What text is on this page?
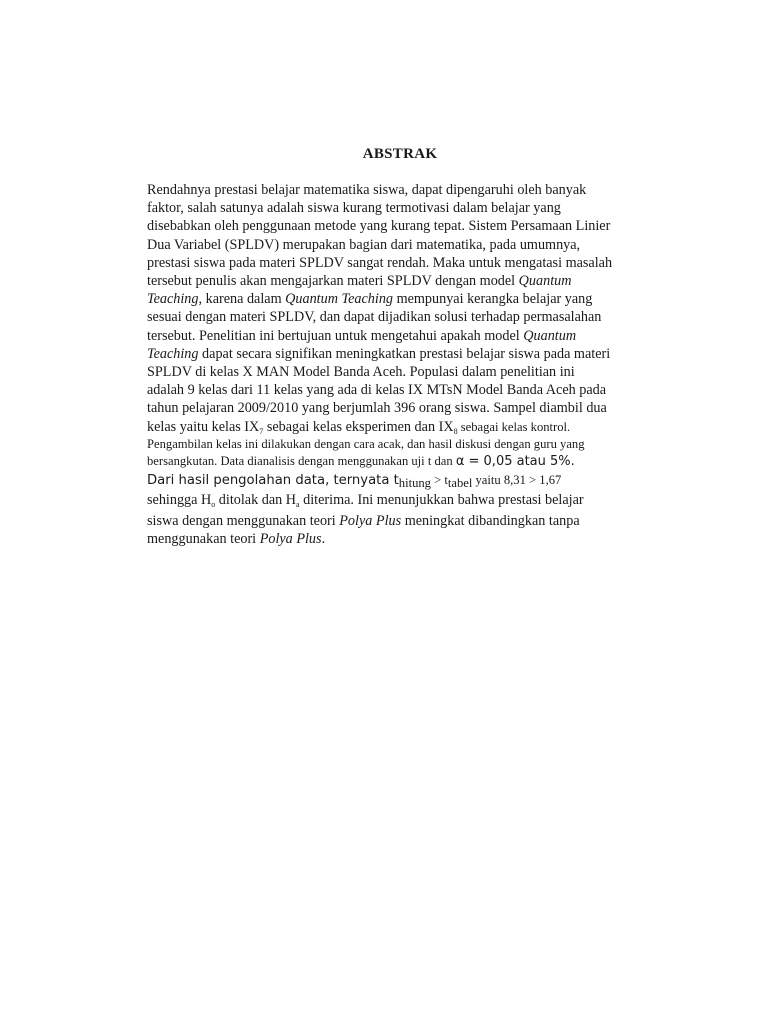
ABSTRAK
Rendahnya prestasi belajar matematika siswa, dapat dipengaruhi oleh banyak
faktor, salah satunya adalah siswa kurang termotivasi dalam belajar yang
disebabkan oleh penggunaan metode yang kurang tepat. Sistem Persamaan Linier
Dua Variabel (SPLDV) merupakan bagian dari matematika, pada umumnya,
prestasi siswa pada materi SPLDV sangat rendah. Maka untuk mengatasi masalah
tersebut penulis akan mengajarkan materi SPLDV dengan model Quantum
Teaching, karena dalam Quantum Teaching mempunyai kerangka belajar yang
sesuai dengan materi SPLDV, dan dapat dijadikan solusi terhadap permasalahan
tersebut. Penelitian ini bertujuan untuk mengetahui apakah model Quantum
Teaching dapat secara signifikan meningkatkan prestasi belajar siswa pada materi
SPLDV di kelas X MAN Model Banda Aceh. Populasi dalam penelitian ini
adalah 9 kelas dari 11 kelas yang ada di kelas IX MTsN Model Banda Aceh pada
tahun pelajaran 2009/2010 yang berjumlah 396 orang siswa. Sampel diambil dua
kelas yaitu kelas $IX_7$ sebagai kelas eksperimen dan $IX_8$ sebagai kelas kontrol.
Pengambilan kelas ini dilakukan dengan cara acak, dan hasil diskusi dengan guru yang
bersangkutan. Data dianalisis dengan menggunakan uji t dan α = 0,05 atau 5%.
Dari hasil pengolahan data, ternyata $t_{hitung} > t_{tabel}$ yaitu 8,31 > 1,67
sehingga $H_o$ ditolak dan $H_a$ diterima. Ini menunjukkan bahwa prestasi belajar
siswa dengan menggunakan teori Polya Plus meningkat dibandingkan tanpa
menggunakan teori Polya Plus.
